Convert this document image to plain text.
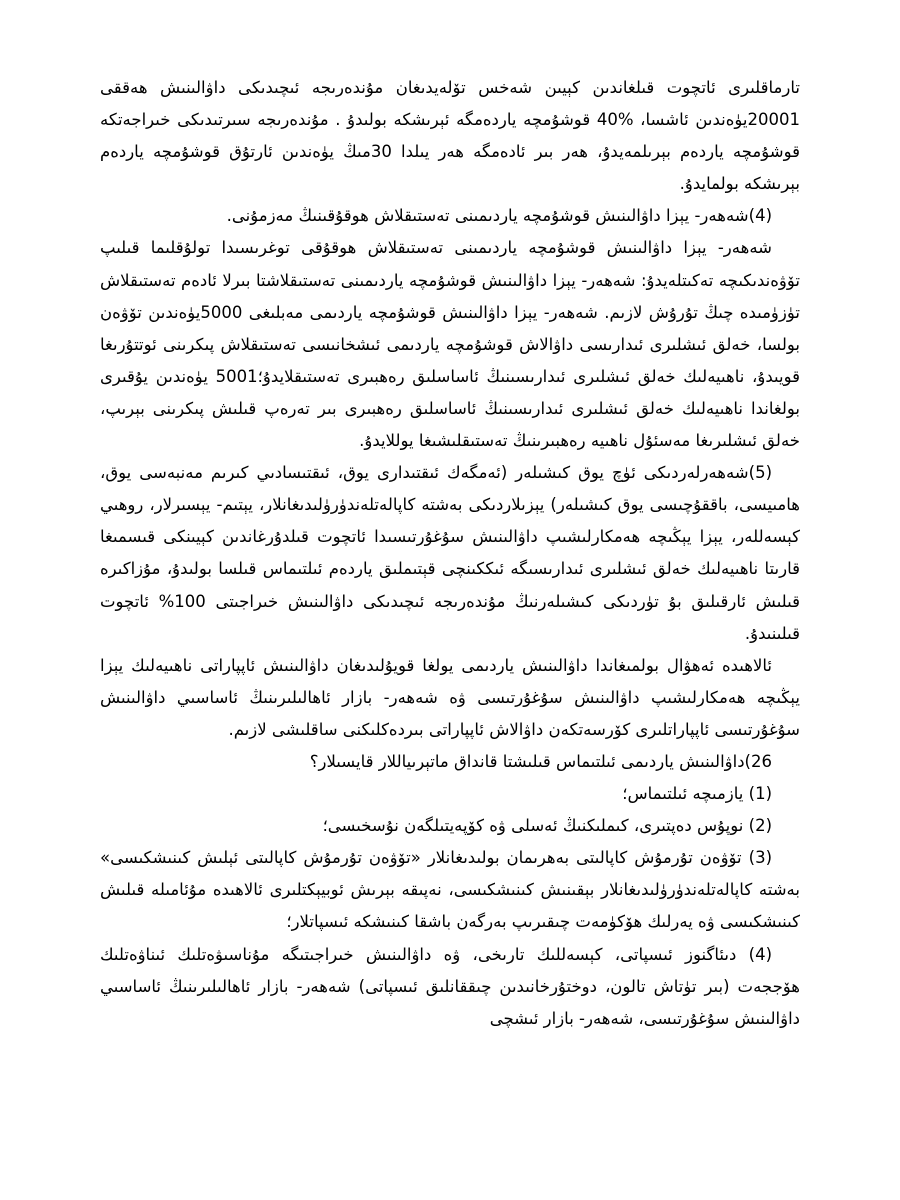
تارماقلىرى ئاتچوت قىلغاندىن كېيىن شەخس تۆلەيدىغان مۇندەرىجە ئىچىدىكى داۋالىنىش ھەققى 20001يۈەندىن ئاشسا، %40 قوشۇمچە ياردەمگە ئېرىشكە بولىدۇ . مۇندەرىجە سىرتىدىكى خىراجەتكە قوشۇمچە ياردەم بېرىلمەيدۇ، ھەر بىر ئادەمگە ھەر يىلدا 30مىڭ يۈەندىن ئارتۇق قوشۇمچە ياردەم بېرىشكە بولمايدۇ.

(4)شەھەر- يېزا داۋالىنىش قوشۇمچە ياردىمىنى تەستىقلاش ھوقۇقىنىڭ مەزمۇنى.

شەھەر- يېزا داۋالىنىش قوشۇمچە ياردىمىنى تەستىقلاش ھوقۇقى توغرىسىدا تولۇقلىما قىلىپ تۆۋەندىكىچە تەكىتلەيدۇ: شەھەر- يېزا داۋالىنىش قوشۇمچە ياردىمىنى تەستىقلاشتا بىرلا ئادەم تەستىقلاش تۈزۈمىدە چىڭ تۇرۇش لازىم. شەھەر- يېزا داۋالىنىش قوشۇمچە ياردىمى مەبلىغى 5000يۈەندىن تۆۋەن بولسا، خەلق ئىشلىرى ئىدارىسى داۋالاش قوشۇمچە ياردىمى ئىشخانىسى تەستىقلاش پىكرىنى ئوتتۇرىغا قويىدۇ، ناھىيەلىك خەلق ئىشلىرى ئىدارىسىنىڭ ئاساسلىق رەھبىرى تەستىقلايدۇ؛5001 يۈەندىن يۇقىرى بولغاندا ناھىيەلىك خەلق ئىشلىرى ئىدارىسىنىڭ ئاساسلىق رەھبىرى بىر تەرەپ قىلىش پىكرىنى بېرىپ، خەلق ئىشلىرىغا مەسئۇل ناھىيە رەھبىرىنىڭ تەستىقلىشىغا يوللايدۇ.

(5)شەھەرلەردىكى ئۈچ يوق كىشىلەر (ئەمگەك ئىقتىدارى يوق، ئىقتىسادىي كىرىم مەنبەسى يوق، ھامىيسى، باققۇچىسى يوق كىشىلەر) يېزىلاردىكى بەشتە كاپالەتلەندۈرۈلىدىغانلار، يېتىم- يېسىرلار، روھىي كېسەللەر، يېزا يېڭىچە ھەمكارلىشىپ داۋالىنىش سۇغۇرتىسىدا ئاتچوت قىلدۇرغاندىن كېيىنكى قىسمىغا قارىتا ناھىيەلىك خەلق ئىشلىرى ئىدارىسىگە ئىككىنچى قېتىملىق ياردەم ئىلتىماس قىلسا بولىدۇ، مۇزاكىرە قىلىش ئارقىلىق بۇ تۈردىكى كىشىلەرنىڭ مۇندەرىجە ئىچىدىكى داۋالىنىش خىراجىتى 100% ئاتچوت قىلىنىدۇ.

ئالاھىدە ئەھۋال بولمىغاندا داۋالىنىش ياردىمى يولغا قويۇلىدىغان داۋالىنىش ئاپپاراتى ناھىيەلىك يېزا يېڭىچە ھەمكارلىشىپ داۋالىنىش سۇغۇرتىسى ۋە شەھەر- بازار ئاھالىلىرىنىڭ ئاساسىي داۋالىنىش سۇغۇرتىسى ئاپپاراتلىرى كۆرسەتكەن داۋالاش ئاپپاراتى بىردەكلىكنى ساقلىشى لازىم.

26)داۋالىنىش ياردىمى ئىلتىماس قىلىشتا قانداق ماتېرىياللار قايسىلار؟

(1) يازمىچە ئىلتىماس؛

(2) نوپۇس دەپتىرى، كىملىكنىڭ ئەسلى ۋە كۆپەيتىلگەن نۇسخىسى؛

(3) تۆۋەن تۇرمۇش كاپالىتى بەھرىمان بولىدىغانلار «تۆۋەن تۇرمۇش كاپالىتى ئېلىش كىنىشكىسى» بەشتە كاپالەتلەندۈرۈلىدىغانلار بېقىنىش كىنىشكىسى، نەپىقە بېرىش ئوبيېكتلىرى ئالاھىدە مۇئامىلە قىلىش كىنىشكىسى ۋە يەرلىك ھۆكۈمەت چىقىرىپ بەرگەن باشقا كىنىشكە ئىسپاتلار؛

(4) دىئاگنوز ئىسپاتى، كېسەللىك تارىخى، ۋە داۋالىنىش خىراجىتىگە مۇناسىۋەتلىك ئىناۋەتلىك ھۆججەت (بىر تۈتاش تالون، دوختۇرخانىدىن چىققانلىق ئىسپاتى) شەھەر- بازار ئاھالىلىرىنىڭ ئاساسىي داۋالىنىش سۇغۇرتىسى، شەھەر- بازار ئىشچى
